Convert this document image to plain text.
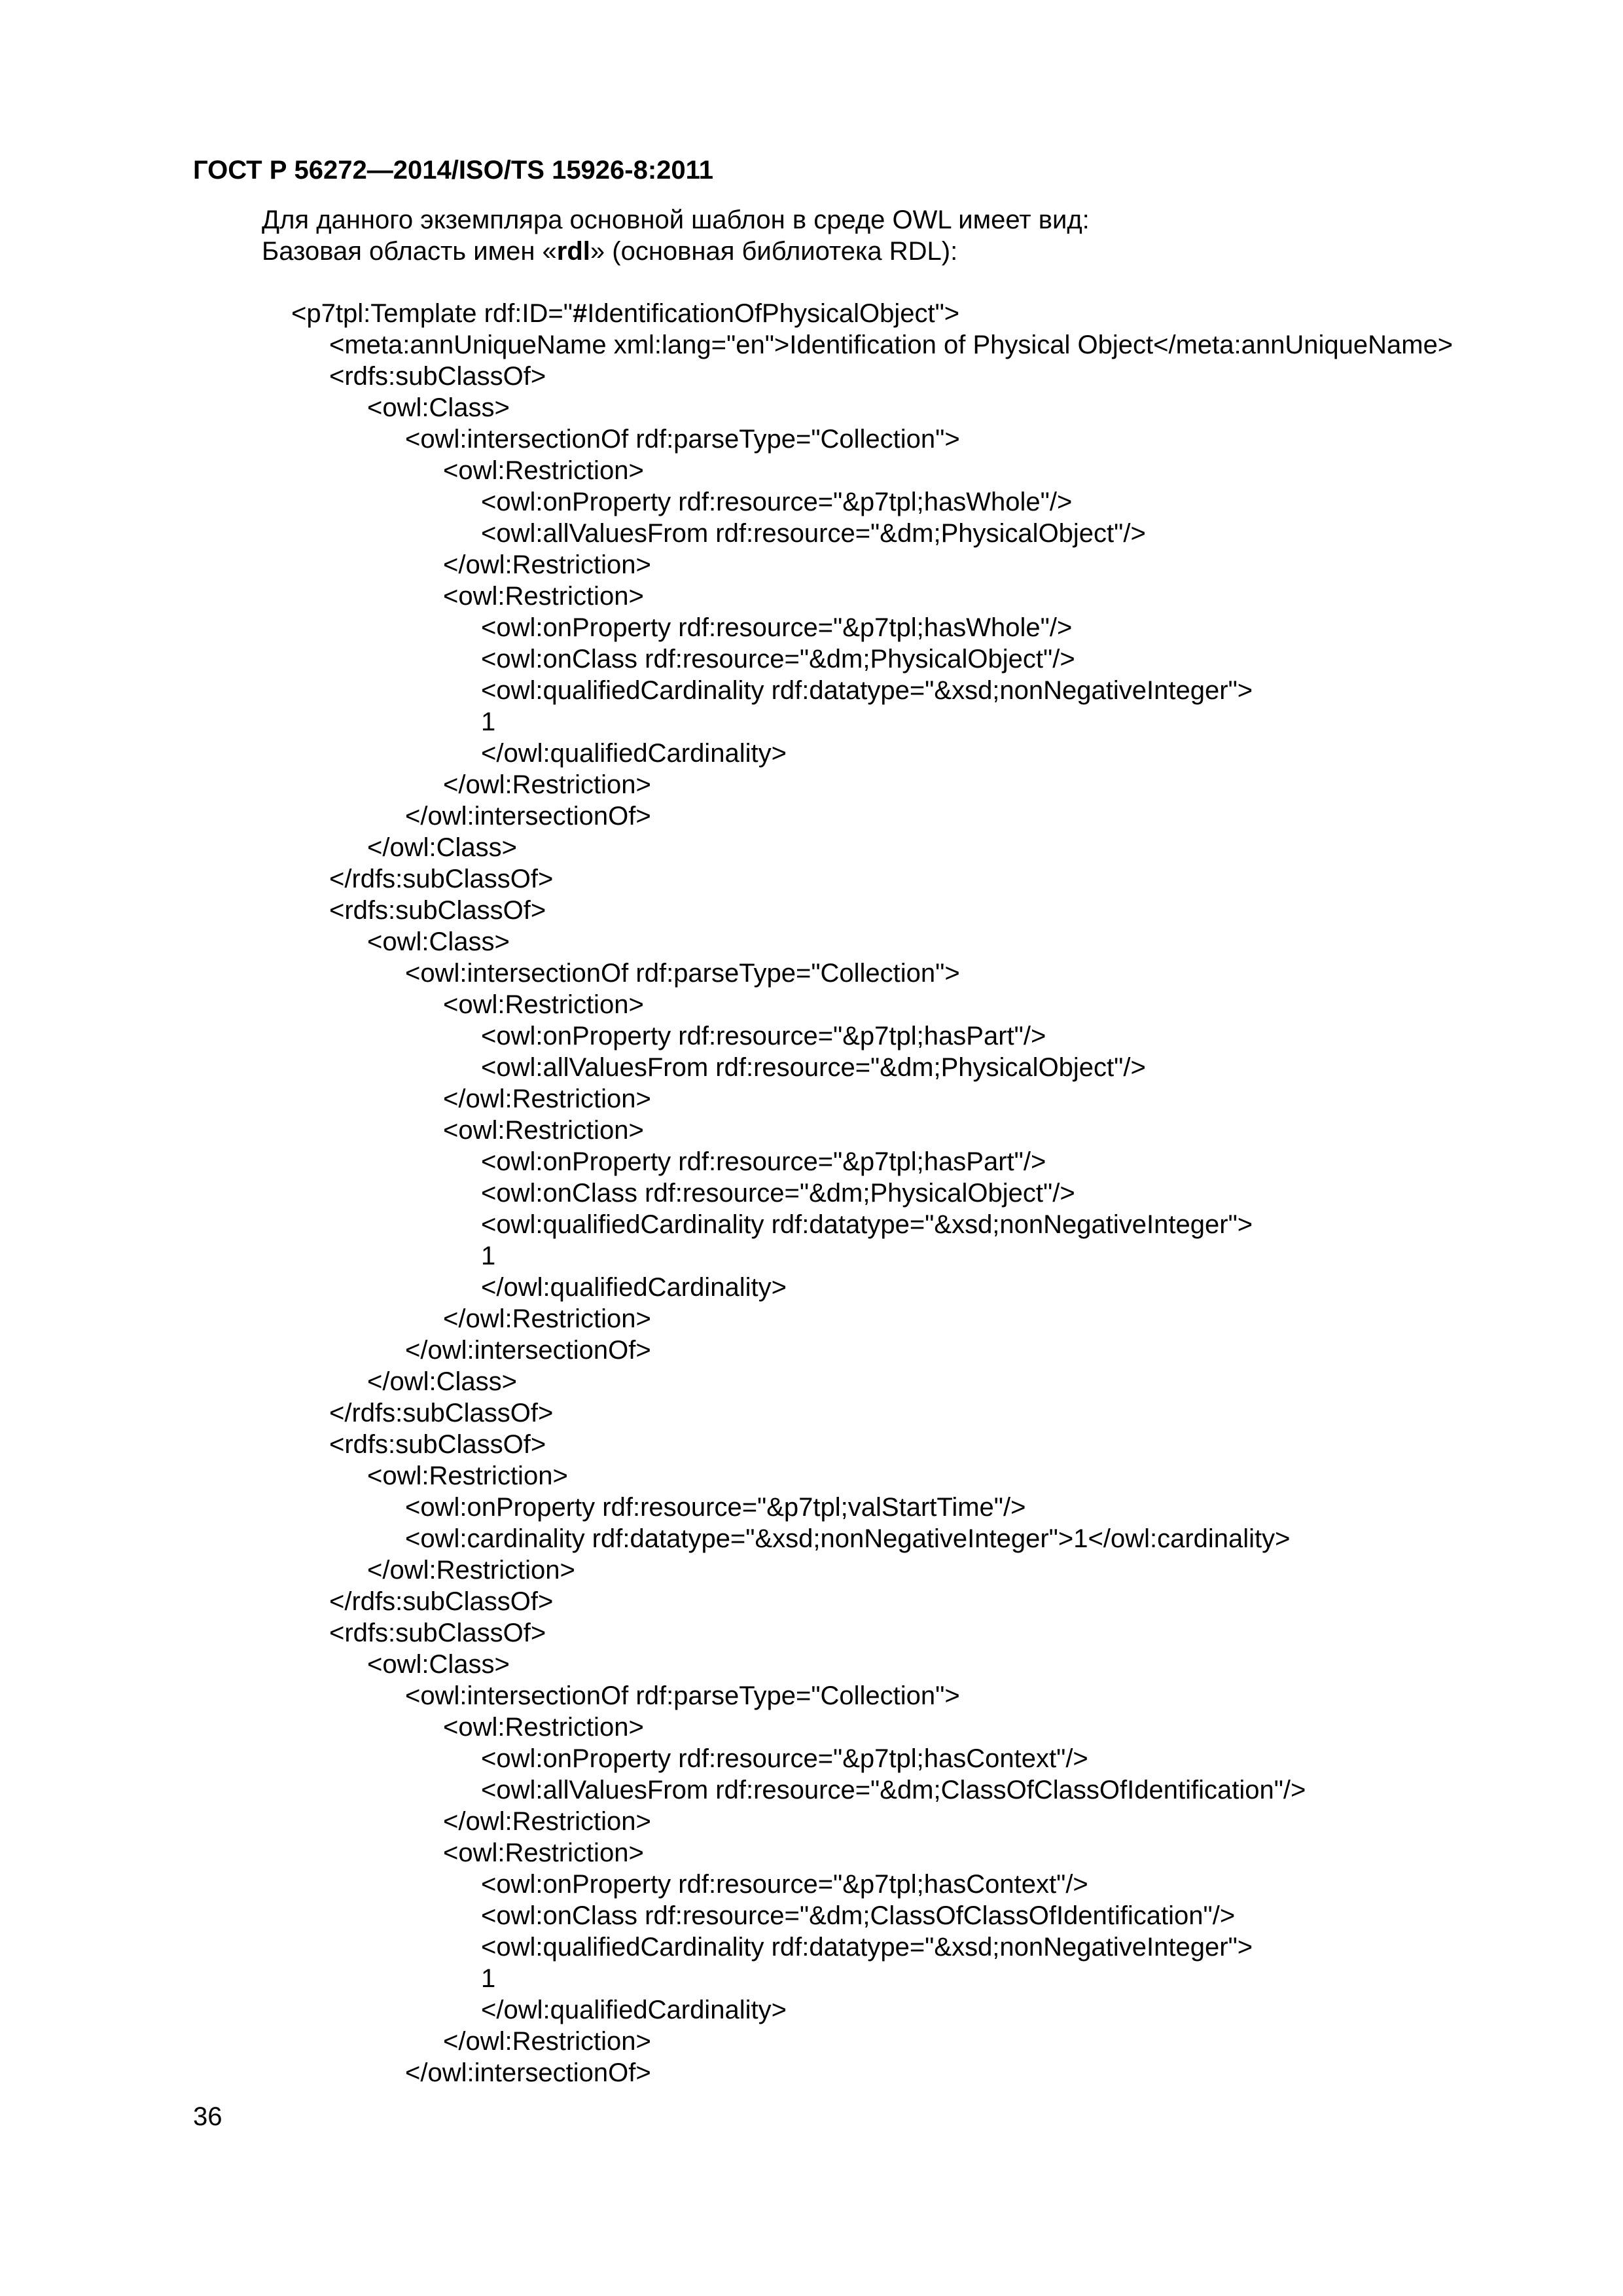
ГОСТ Р 56272—2014/ISO/TS 15926-8:2011
Для данного экземпляра основной шаблон в среде OWL имеет вид:
Базовая область имен «rdl» (основная библиотека RDL):
<p7tpl:Template rdf:ID="#IdentificationOfPhysicalObject">
<meta:annUniqueName xml:lang="en">Identification of Physical Object</meta:annUniqueName>
<rdfs:subClassOf>
<owl:Class>
<owl:intersectionOf rdf:parseType="Collection">
<owl:Restriction>
<owl:onProperty rdf:resource="&p7tpl;hasWhole"/>
<owl:allValuesFrom rdf:resource="&dm;PhysicalObject"/>
</owl:Restriction>
<owl:Restriction>
<owl:onProperty rdf:resource="&p7tpl;hasWhole"/>
<owl:onClass rdf:resource="&dm;PhysicalObject"/>
<owl:qualifiedCardinality rdf:datatype="&xsd;nonNegativeInteger">
1
</owl:qualifiedCardinality>
</owl:Restriction>
</owl:intersectionOf>
</owl:Class>
</rdfs:subClassOf>
<rdfs:subClassOf>
<owl:Class>
<owl:intersectionOf rdf:parseType="Collection">
<owl:Restriction>
<owl:onProperty rdf:resource="&p7tpl;hasPart"/>
<owl:allValuesFrom rdf:resource="&dm;PhysicalObject"/>
</owl:Restriction>
<owl:Restriction>
<owl:onProperty rdf:resource="&p7tpl;hasPart"/>
<owl:onClass rdf:resource="&dm;PhysicalObject"/>
<owl:qualifiedCardinality rdf:datatype="&xsd;nonNegativeInteger">
1
</owl:qualifiedCardinality>
</owl:Restriction>
</owl:intersectionOf>
</owl:Class>
</rdfs:subClassOf>
<rdfs:subClassOf>
<owl:Restriction>
<owl:onProperty rdf:resource="&p7tpl;valStartTime"/>
<owl:cardinality rdf:datatype="&xsd;nonNegativeInteger">1</owl:cardinality>
</owl:Restriction>
</rdfs:subClassOf>
<rdfs:subClassOf>
<owl:Class>
<owl:intersectionOf rdf:parseType="Collection">
<owl:Restriction>
<owl:onProperty rdf:resource="&p7tpl;hasContext"/>
<owl:allValuesFrom rdf:resource="&dm;ClassOfClassOfIdentification"/>
</owl:Restriction>
<owl:Restriction>
<owl:onProperty rdf:resource="&p7tpl;hasContext"/>
<owl:onClass rdf:resource="&dm;ClassOfClassOfIdentification"/>
<owl:qualifiedCardinality rdf:datatype="&xsd;nonNegativeInteger">
1
</owl:qualifiedCardinality>
</owl:Restriction>
</owl:intersectionOf>
36
